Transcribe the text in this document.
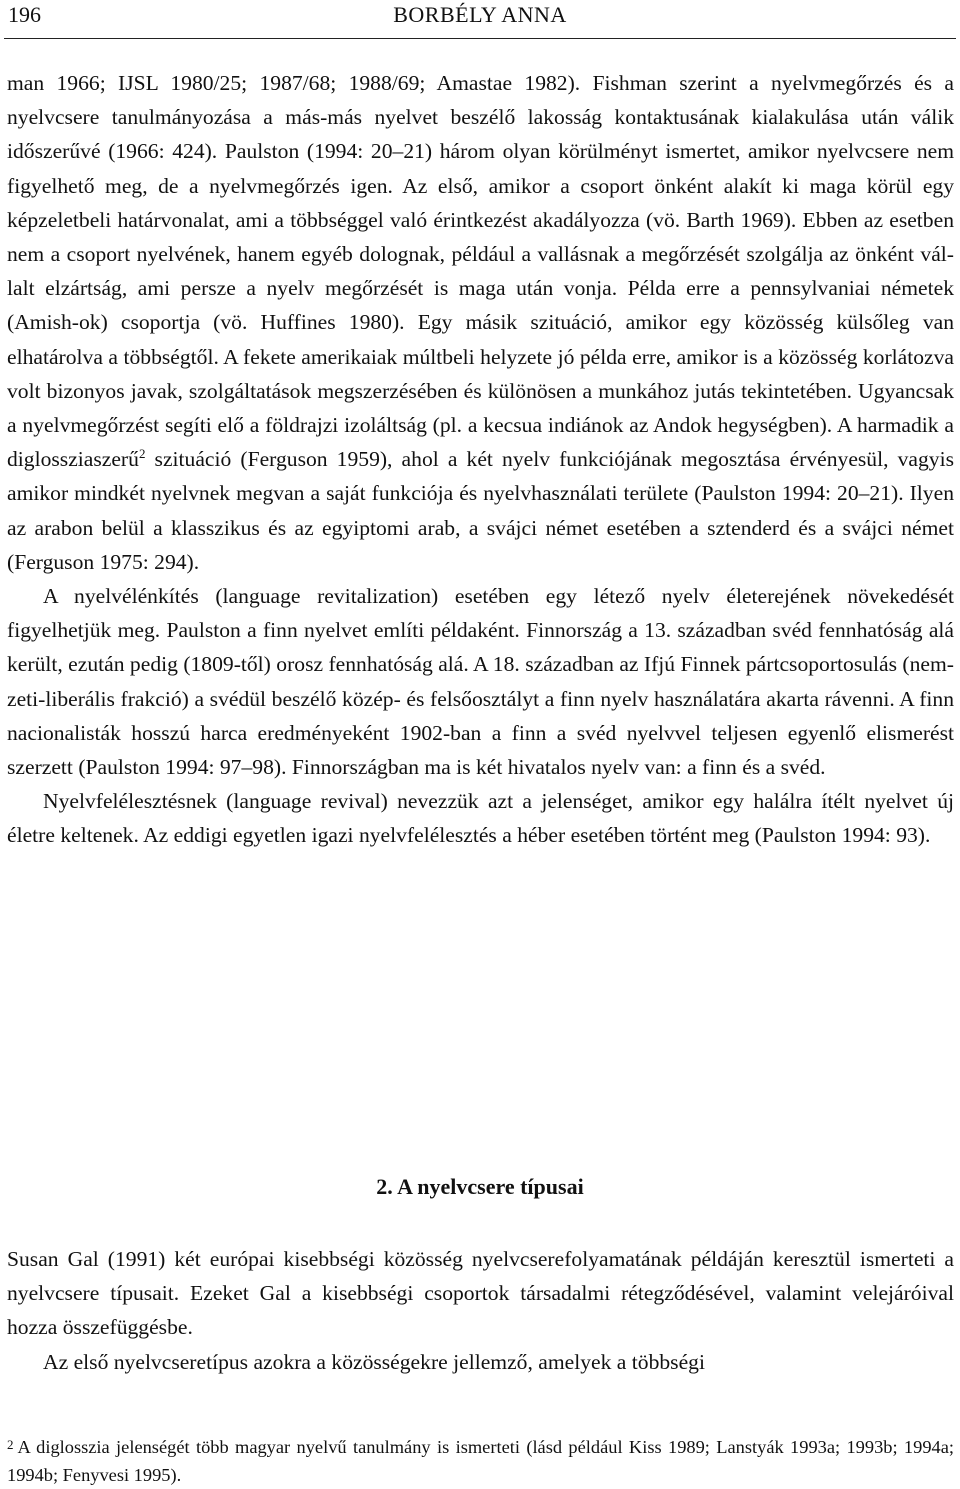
196	BORBÉLY ANNA

man 1966; IJSL 1980/25; 1987/68; 1988/69; Amastae 1982). Fishman szerint a nyelvmegőrzés és a nyelvcsere tanulmányozása a más-más nyelvet beszélő lakosság kontaktusának kialakulása után válik időszerűvé (1966: 424). Paulston (1994: 20–21) három olyan körülményt ismertet, amikor nyelvcsere nem figyelhető meg, de a nyelvmegőrzés igen. Az első, amikor a csoport önként alakít ki maga körül egy képzeletbeli határvonalat, ami a többséggel való érintkezést akadályozza (vö. Barth 1969). Ebben az esetben nem a csoport nyelvének, hanem egyéb dolognak, például a vallásnak a megőrzését szolgálja az önként vállalt elzártság, ami persze a nyelv megőrzését is maga után vonja. Példa erre a pennsylvaniai németek (Amish-ok) csoportja (vö. Huffines 1980). Egy másik szituáció, amikor egy közösség külsőleg van elhatárolva a többségtől. A fekete amerikaiak múltbeli helyzete jó példa erre, amikor is a közösség korlátozva volt bizonyos javak, szolgáltatások megszerzésében és különösen a munkához jutás tekintetében. Ugyancsak a nyelvmegőrzést segíti elő a földrajzi izoláltság (pl. a kecsua indiánok az Andok hegységben). A harmadik a diglossziaszerű$^2$ szituáció (Ferguson 1959), ahol a két nyelv funkciójának megosztása érvényesül, vagyis amikor mindkét nyelvnek megvan a saját funkciója és nyelvhasználati területe (Paulston 1994: 20–21). Ilyen az arabon belül a klasszikus és az egyiptomi arab, a svájci német esetében a sztenderd és a svájci német (Ferguson 1975: 294).

A nyelvélénkítés (language revitalization) esetében egy létező nyelv életerejének növekedését figyelhetjük meg. Paulston a finn nyelvet említi példaként. Finnország a 13. században svéd fennhatóság alá került, ezután pedig (1809-től) orosz fennhatóság alá. A 18. században az Ifjú Finnek pártcsoportosulás (nemzeti-liberális frakció) a svédül beszélő közép- és felsőosztályt a finn nyelv használatára akarta rávenni. A finn nacionalisták hosszú harca eredményeként 1902-ban a finn a svéd nyelvvel teljesen egyenlő elismerést szerzett (Paulston 1994: 97–98). Finnországban ma is két hivatalos nyelv van: a finn és a svéd.

Nyelvfelélesztésnek (language revival) nevezzük azt a jelenséget, amikor egy halálra ítélt nyelvet új életre keltenek. Az eddigi egyetlen igazi nyelvfelélesztés a héber esetében történt meg (Paulston 1994: 93).

2. A nyelvcsere típusai

Susan Gal (1991) két európai kisebbségi közösség nyelvcserefolyamatának példáján keresztül ismerteti a nyelvcsere típusait. Ezeket Gal a kisebbségi csoportok társadalmi rétegződésével, valamint velejáróival hozza összefüggésbe.

Az első nyelvcseretípus azokra a közösségekre jellemző, amelyek a többségi

$^2$ A diglosszia jelenségét több magyar nyelvű tanulmány is ismerteti (lásd például Kiss 1989; Lanstyák 1993a; 1993b; 1994a; 1994b; Fenyvesi 1995).
